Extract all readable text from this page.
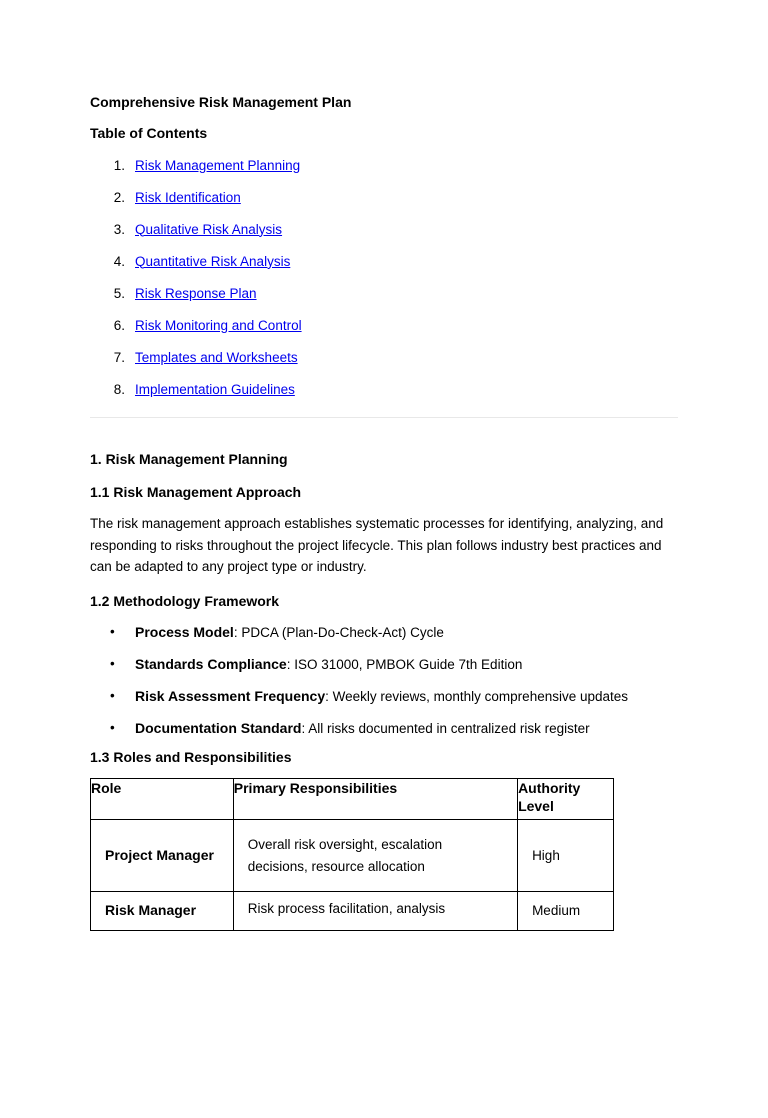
Comprehensive Risk Management Plan
Table of Contents
1. Risk Management Planning
2. Risk Identification
3. Qualitative Risk Analysis
4. Quantitative Risk Analysis
5. Risk Response Plan
6. Risk Monitoring and Control
7. Templates and Worksheets
8. Implementation Guidelines
1. Risk Management Planning
1.1 Risk Management Approach

The risk management approach establishes systematic processes for identifying, analyzing, and responding to risks throughout the project lifecycle. This plan follows industry best practices and can be adapted to any project type or industry.

1.2 Methodology Framework
• Process Model: PDCA (Plan-Do-Check-Act) Cycle
• Standards Compliance: ISO 31000, PMBOK Guide 7th Edition
• Risk Assessment Frequency: Weekly reviews, monthly comprehensive updates
• Documentation Standard: All risks documented in centralized risk register
1.3 Roles and Responsibilities
Role	Primary Responsibilities	Authority Level
Project Manager	Overall risk oversight, escalation decisions, resource allocation	High
Risk Manager	Risk process facilitation, analysis	Medium
